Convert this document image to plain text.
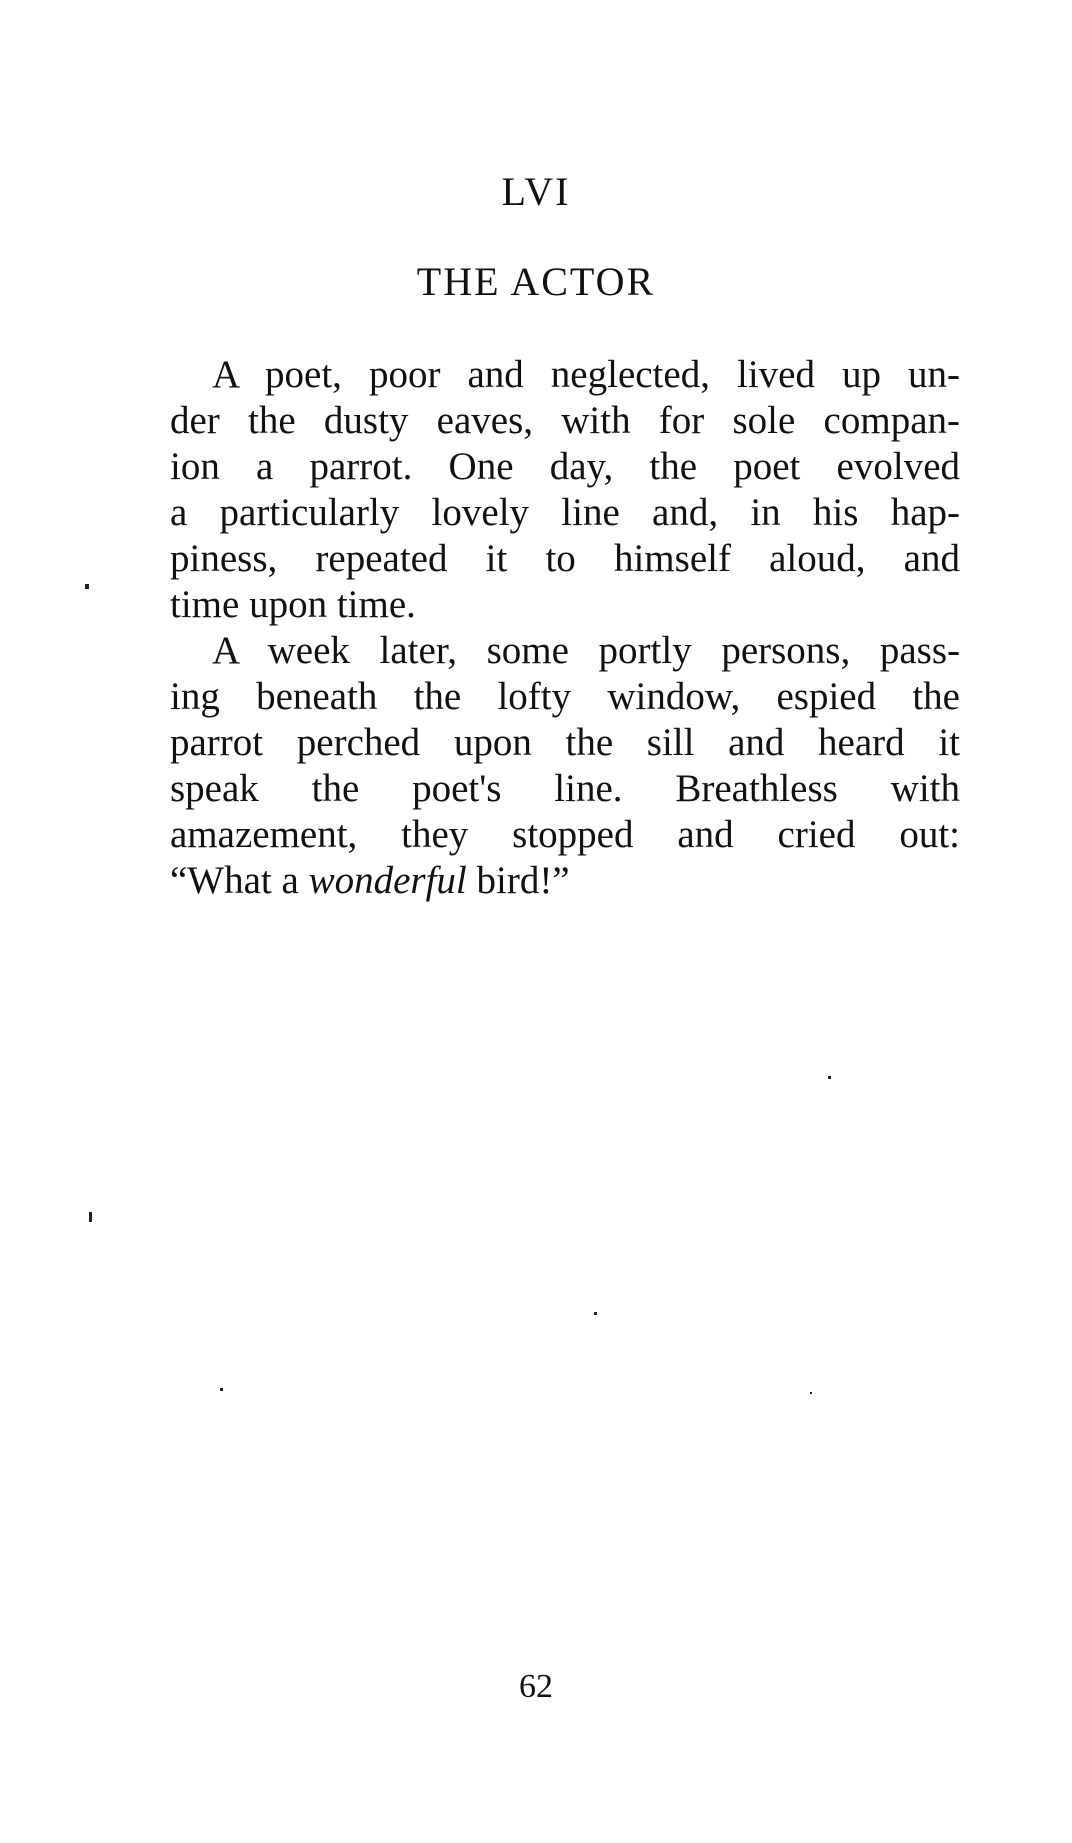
LVI
THE ACTOR
A poet, poor and neglected, lived up un-
der the dusty eaves, with for sole compan-
ion a parrot. One day, the poet evolved
a particularly lovely line and, in his hap-
piness, repeated it to himself aloud, and
time upon time.
A week later, some portly persons, pass-
ing beneath the lofty window, espied the
parrot perched upon the sill and heard it
speak the poet's line. Breathless with
amazement, they stopped and cried out:
“What a wonderful bird!”
62
